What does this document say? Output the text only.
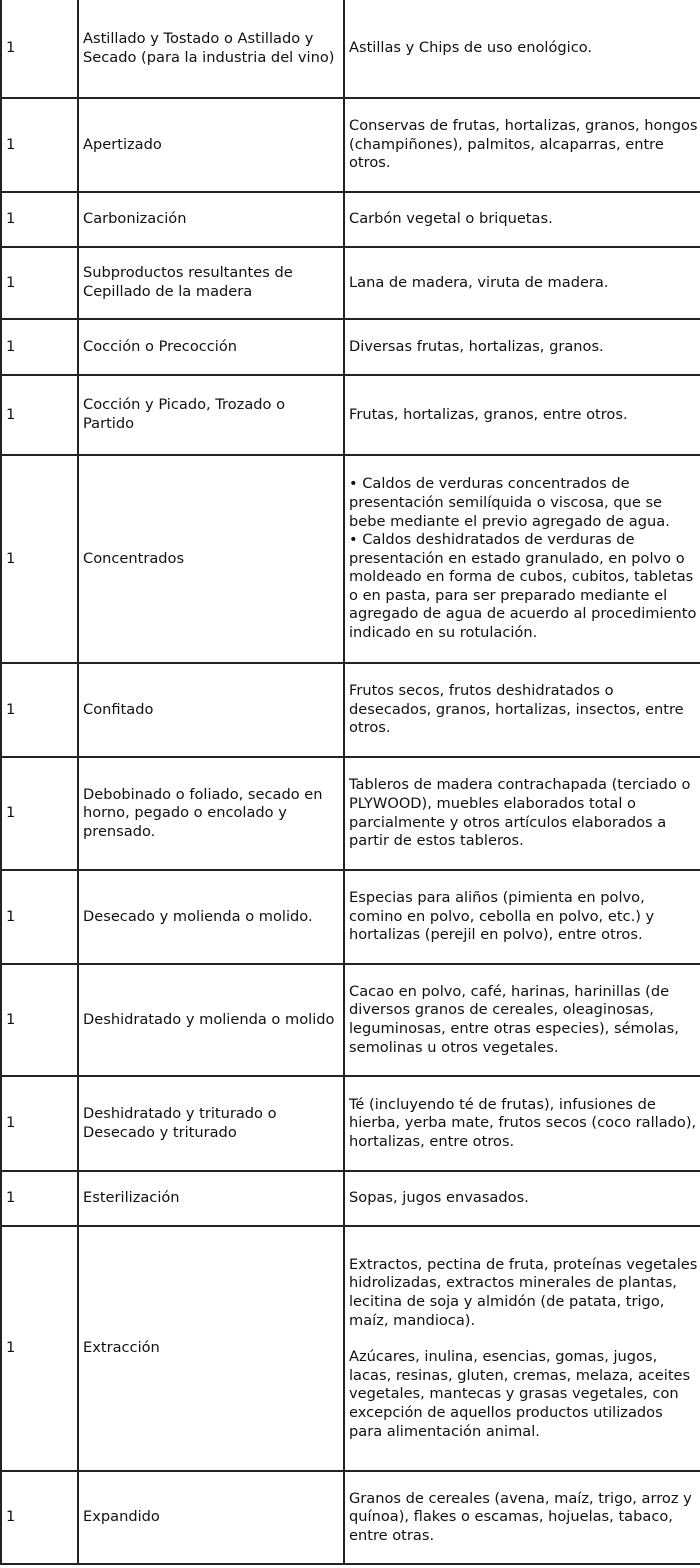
1	Astillado y Tostado o Astillado y Secado (para la industria del vino)	Astillas y Chips de uso enológico.

1	Apertizado	Conservas de frutas, hortalizas, granos, hongos (champiñones), palmitos, alcaparras, entre otros.

1	Carbonización	Carbón vegetal o briquetas.

1	Subproductos resultantes de Cepillado de la madera	Lana de madera, viruta de madera.

1	Cocción o Precocción	Diversas frutas, hortalizas, granos.

1	Cocción y Picado, Trozado o Partido	Frutas, hortalizas, granos, entre otros.

1	Concentrados	• Caldos de verduras concentrados de presentación semilíquida o viscosa, que se bebe mediante el previo agregado de agua.
• Caldos deshidratados de verduras de presentación en estado granulado, en polvo o moldeado en forma de cubos, cubitos, tabletas o en pasta, para ser preparado mediante el agregado de agua de acuerdo al procedimiento indicado en su rotulación.

1	Confitado	Frutos secos, frutos deshidratados o desecados, granos, hortalizas, insectos, entre otros.

1	Debobinado o foliado, secado en horno, pegado o encolado y prensado.	Tableros de madera contrachapada (terciado o PLYWOOD), muebles elaborados total o parcialmente y otros artículos elaborados a partir de estos tableros.

1	Desecado y molienda o molido.	Especias para aliños (pimienta en polvo, comino en polvo, cebolla en polvo, etc.) y hortalizas (perejil en polvo), entre otros.

1	Deshidratado y molienda o molido	Cacao en polvo, café, harinas, harinillas (de diversos granos de cereales, oleaginosas, leguminosas, entre otras especies), sémolas, semolinas u otros vegetales.

1	Deshidratado y triturado o Desecado y triturado	Té (incluyendo té de frutas), infusiones de hierba, yerba mate, frutos secos (coco rallado), hortalizas, entre otros.

1	Esterilización	Sopas, jugos envasados.

1	Extracción	Extractos, pectina de fruta, proteínas vegetales hidrolizadas, extractos minerales de plantas, lecitina de soja y almidón (de patata, trigo, maíz, mandioca).
Azúcares, inulina, esencias, gomas, jugos, lacas, resinas, gluten, cremas, melaza, aceites vegetales, mantecas y grasas vegetales, con excepción de aquellos productos utilizados para alimentación animal.

1	Expandido	Granos de cereales (avena, maíz, trigo, arroz y quínoa), flakes o escamas, hojuelas, tabaco, entre otras.
